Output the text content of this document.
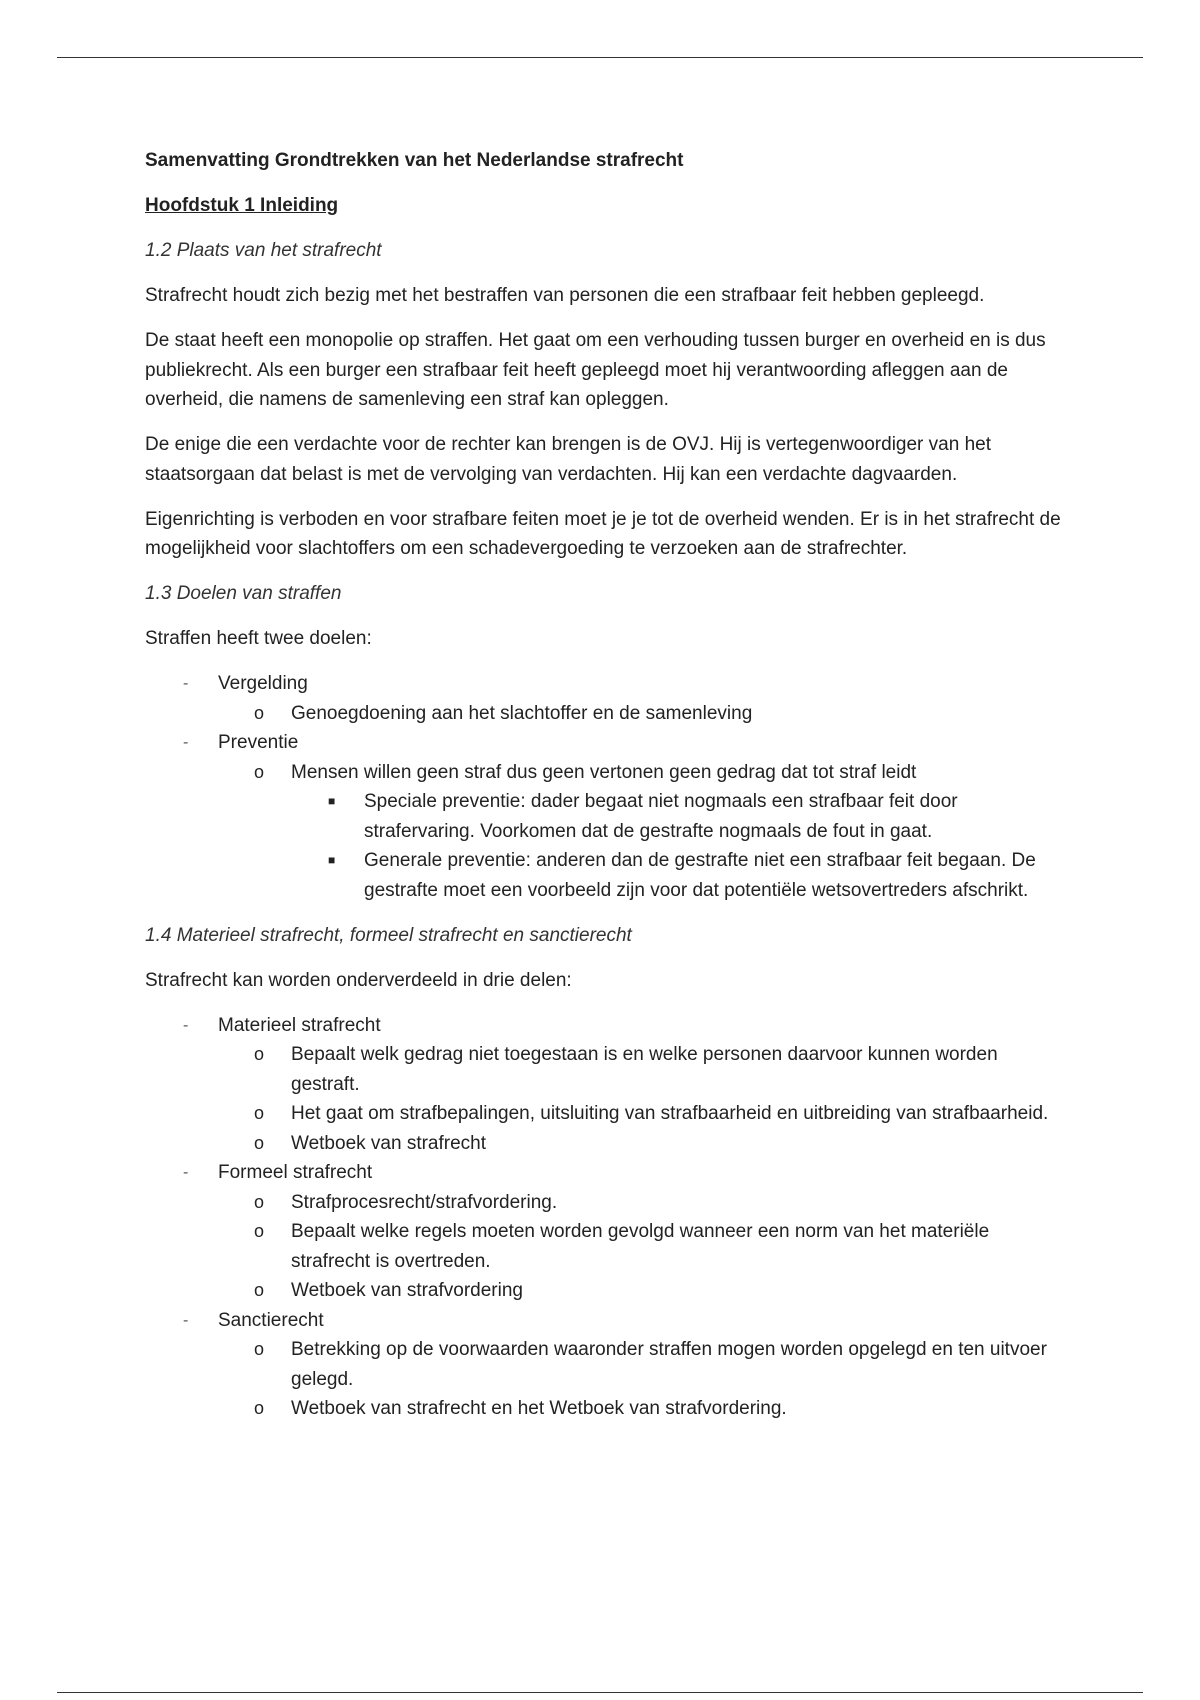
Samenvatting Grondtrekken van het Nederlandse strafrecht

Hoofdstuk 1 Inleiding

1.2 Plaats van het strafrecht

Strafrecht houdt zich bezig met het bestraffen van personen die een strafbaar feit hebben gepleegd.

De staat heeft een monopolie op straffen. Het gaat om een verhouding tussen burger en overheid en is dus publiekrecht. Als een burger een strafbaar feit heeft gepleegd moet hij verantwoording afleggen aan de overheid, die namens de samenleving een straf kan opleggen.

De enige die een verdachte voor de rechter kan brengen is de OVJ. Hij is vertegenwoordiger van het staatsorgaan dat belast is met de vervolging van verdachten. Hij kan een verdachte dagvaarden.

Eigenrichting is verboden en voor strafbare feiten moet je je tot de overheid wenden. Er is in het strafrecht de mogelijkheid voor slachtoffers om een schadevergoeding te verzoeken aan de strafrechter.

1.3 Doelen van straffen

Straffen heeft twee doelen:

- Vergelding
o Genoegdoening aan het slachtoffer en de samenleving
- Preventie
o Mensen willen geen straf dus geen vertonen geen gedrag dat tot straf leidt
■ Speciale preventie: dader begaat niet nogmaals een strafbaar feit door strafervaring. Voorkomen dat de gestrafte nogmaals de fout in gaat.
■ Generale preventie: anderen dan de gestrafte niet een strafbaar feit begaan. De gestrafte moet een voorbeeld zijn voor dat potentiële wetsovertreders afschrikt.

1.4 Materieel strafrecht, formeel strafrecht en sanctierecht

Strafrecht kan worden onderverdeeld in drie delen:

- Materieel strafrecht
o Bepaalt welk gedrag niet toegestaan is en welke personen daarvoor kunnen worden gestraft.
o Het gaat om strafbepalingen, uitsluiting van strafbaarheid en uitbreiding van strafbaarheid.
o Wetboek van strafrecht
- Formeel strafrecht
o Strafprocesrecht/strafvordering.
o Bepaalt welke regels moeten worden gevolgd wanneer een norm van het materiële strafrecht is overtreden.
o Wetboek van strafvordering
- Sanctierecht
o Betrekking op de voorwaarden waaronder straffen mogen worden opgelegd en ten uitvoer gelegd.
o Wetboek van strafrecht en het Wetboek van strafvordering.
